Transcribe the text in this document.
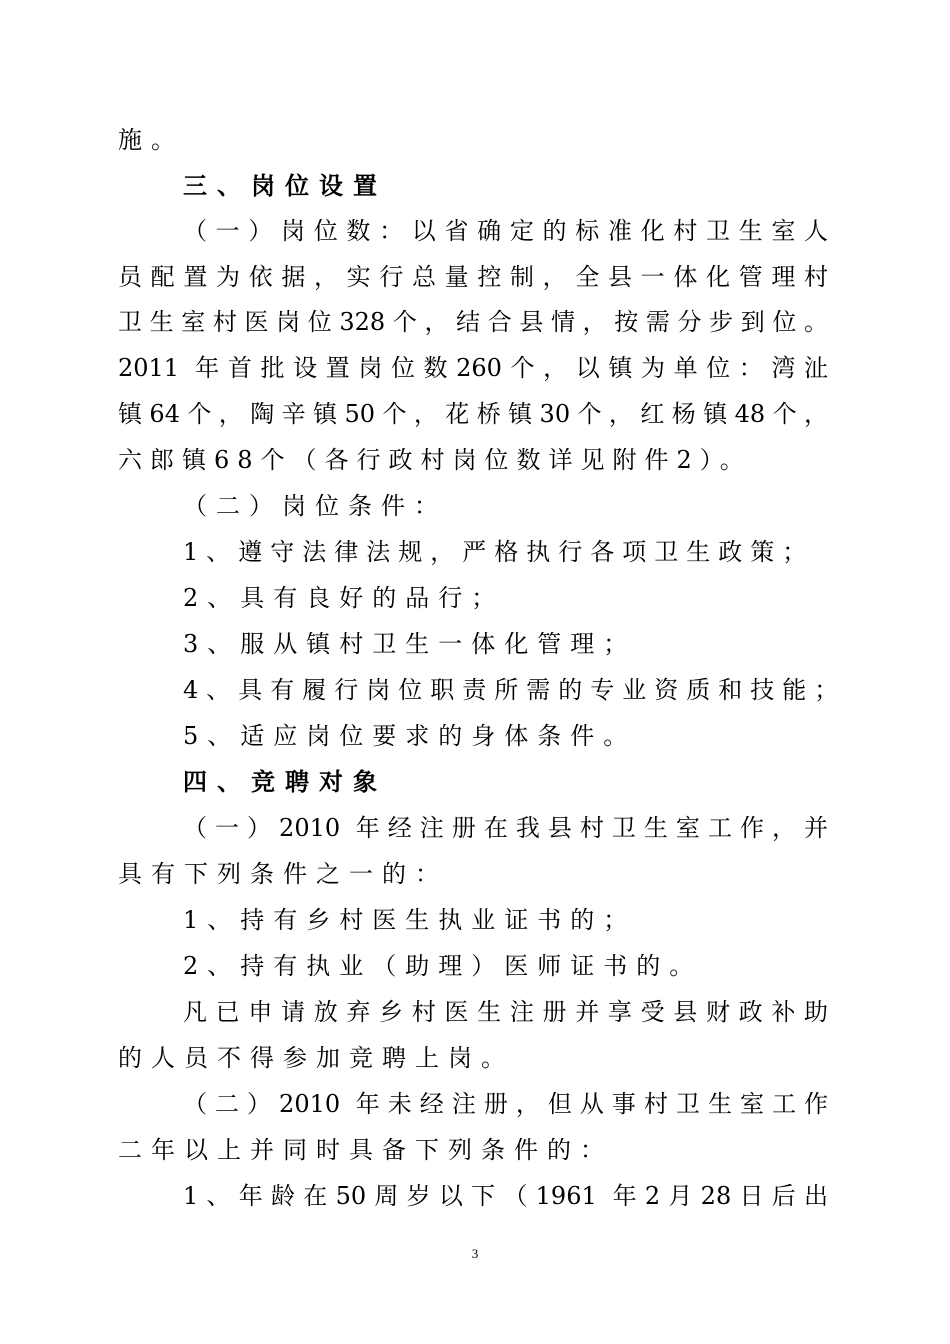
施。
三、岗位设置
（一）岗位数：以省确定的标准化村卫生室人
员配置为依据，实行总量控制，全县一体化管理村
卫生室村医岗位328个，结合县情，按需分步到位。
2011 年首批设置岗位数260个，以镇为单位：湾沚
镇64个，陶辛镇50个，花桥镇30个，红杨镇48个，
六郎镇68个（各行政村岗位数详见附件2）。
（二）岗位条件：
1、遵守法律法规，严格执行各项卫生政策；
2、具有良好的品行；
3、服从镇村卫生一体化管理；
4、具有履行岗位职责所需的专业资质和技能；
5、适应岗位要求的身体条件。
四、竞聘对象
（一）2010 年经注册在我县村卫生室工作，并
具有下列条件之一的：
1、持有乡村医生执业证书的；
2、持有执业（助理）医师证书的。
凡已申请放弃乡村医生注册并享受县财政补助
的人员不得参加竞聘上岗。
（二）2010 年未经注册，但从事村卫生室工作
二年以上并同时具备下列条件的：
1、年龄在50周岁以下（1961 年2月28日后出
3
